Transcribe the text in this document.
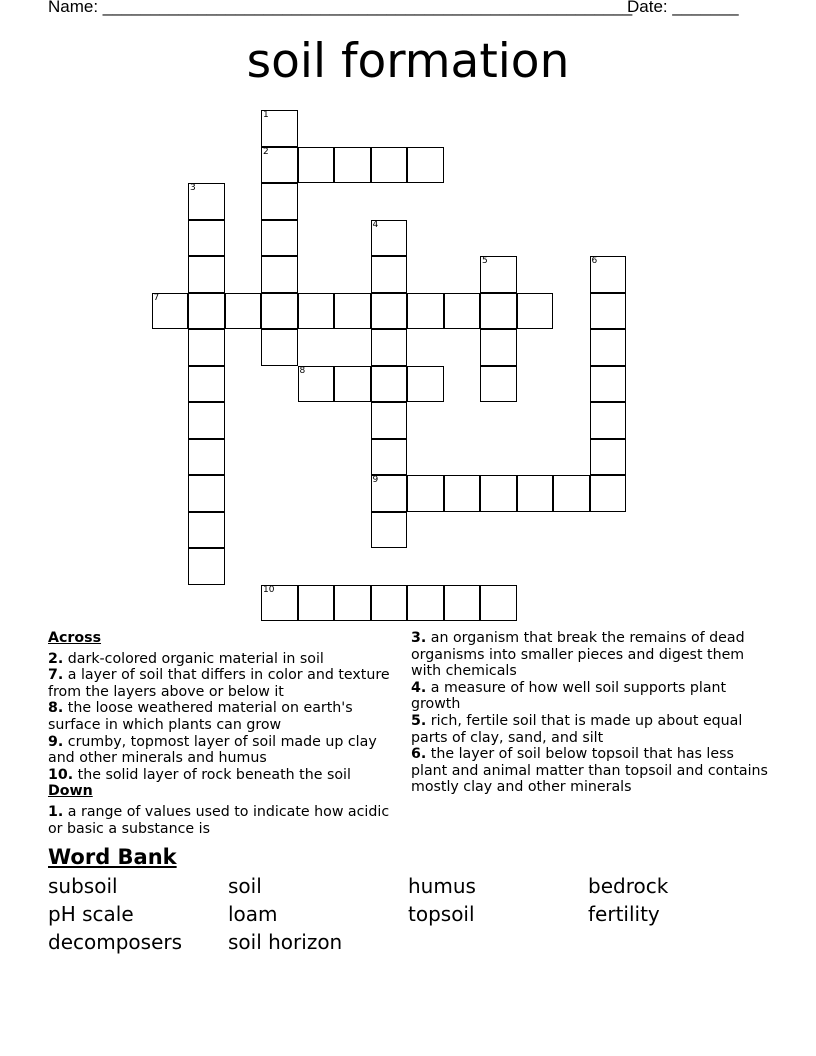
Name: ________________________________________________________
Date: _______
soil formation
1
2
3
4
9
5	6
7
8
10
Across
2. dark-colored organic material in soil
7. a layer of soil that differs in color and texture from the layers above or below it
8. the loose weathered material on earth's surface in which plants can grow
9. crumby, topmost layer of soil made up clay and other minerals and humus
10. the solid layer of rock beneath the soil
Down
1. a range of values used to indicate how acidic or basic a substance is
3. an organism that break the remains of dead organisms into smaller pieces and digest them with chemicals
4. a measure of how well soil supports plant growth
5. rich, fertile soil that is made up about equal parts of clay, sand, and silt
6. the layer of soil below topsoil that has less plant and animal matter than topsoil and contains mostly clay and other minerals
Word Bank
subsoil	soil	humus	bedrock
pH scale	loam	topsoil	fertility
decomposers soil horizon
